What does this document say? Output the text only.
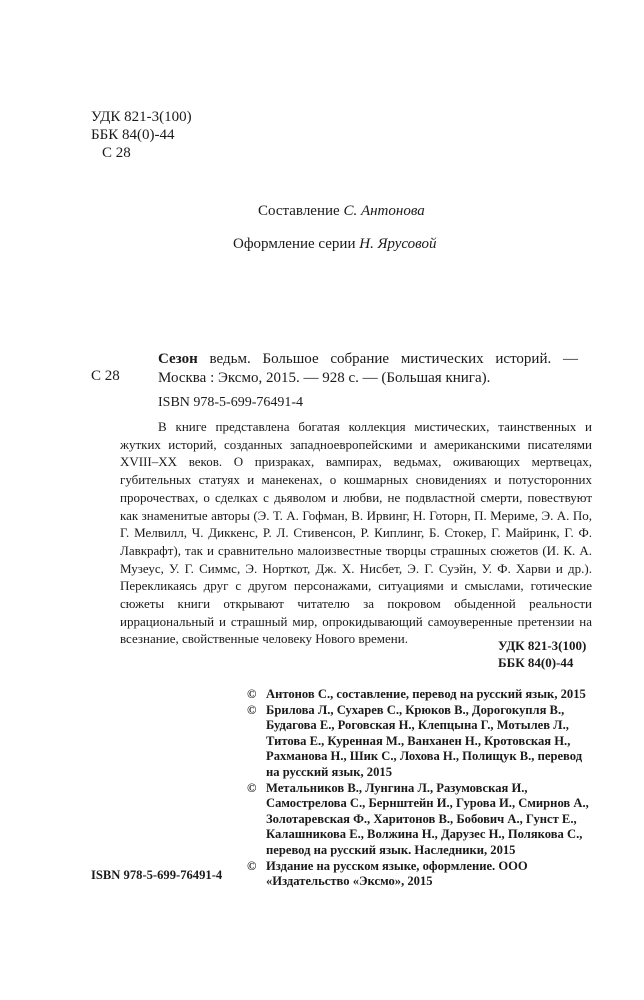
УДК 821-3(100)
ББК 84(0)-44
С 28
Составление С. Антонова
Оформление серии Н. Ярусовой
С 28
Сезон ведьм. Большое собрание мистических историй. — Москва : Эксмо, 2015. — 928 с. — (Большая книга).
ISBN 978-5-699-76491-4
В книге представлена богатая коллекция мистических, таинственных и жутких историй, созданных западноевропейскими и американскими писателями XVIII–XX веков. О призраках, вампирах, ведьмах, оживающих мертвецах, губительных статуях и манекенах, о кошмарных сновидениях и потусторонних пророчествах, о сделках с дьяволом и любви, не подвластной смерти, повествуют как знаменитые авторы (Э. Т. А. Гофман, В. Ирвинг, Н. Готорн, П. Мериме, Э. А. По, Г. Мелвилл, Ч. Диккенс, Р. Л. Стивенсон, Р. Киплинг, Б. Стокер, Г. Майринк, Г. Ф. Лавкрафт), так и сравнительно малоизвестные творцы страшных сюжетов (И. К. А. Музеус, У. Г. Симмс, Э. Норткот, Дж. Х. Нисбет, Э. Г. Суэйн, У. Ф. Харви и др.). Перекликаясь друг с другом персонажами, ситуациями и смыслами, готические сюжеты книги открывают читателю за покровом обыденной реальности иррациональный и страшный мир, опрокидывающий самоуверенные претензии на всезнание, свойственные человеку Нового времени.	УДК 821-3(100)
ББК 84(0)-44
© Антонов С., составление, перевод на русский язык, 2015
© Брилова Л., Сухарев С., Крюков В., Дорогокупля В., Будагова Е., Роговская Н., Клепцына Г., Мотылев Л., Титова Е., Куренная М., Ванханен Н., Кротовская Н., Рахманова Н., Шик С., Лохова Н., Полищук В., перевод на русский язык, 2015
© Метальников В., Лунгина Л., Разумовская И., Самострелова С., Бернштейн И., Гурова И., Смирнов А., Золотаревская Ф., Харитонов В., Бобович А., Гунст Е., Калашникова Е., Волжина Н., Дарузес Н., Полякова С., перевод на русский язык. Наследники, 2015
© Издание на русском языке, оформление. ООО «Издательство «Эксмо», 2015
ISBN 978-5-699-76491-4
